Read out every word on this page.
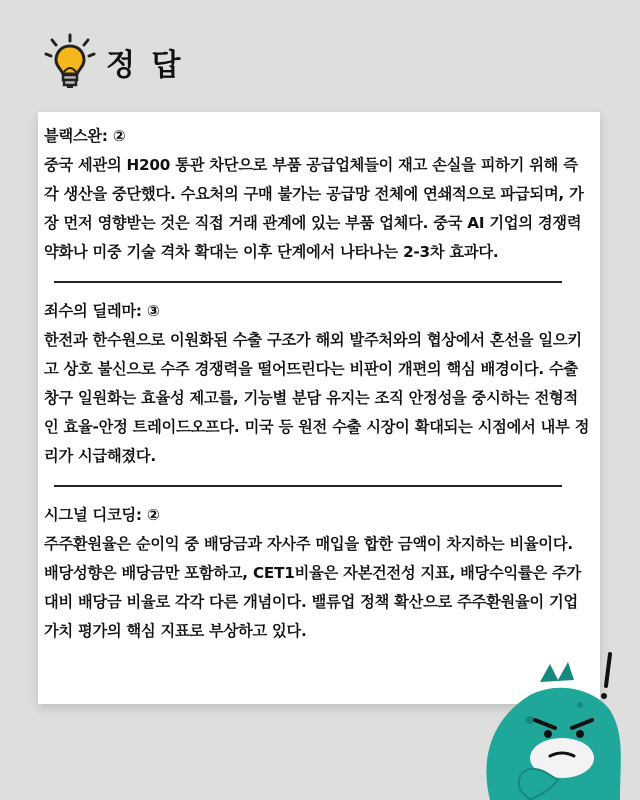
정 답

블랙스완: ②

중국 세관의 H200 통관 차단으로 부품 공급업체들이 재고 손실을 피하기 위해 즉각 생산을 중단했다. 수요처의 구매 불가는 공급망 전체에 연쇄적으로 파급되며, 가장 먼저 영향받는 것은 직접 거래 관계에 있는 부품 업체다. 중국 AI 기업의 경쟁력 약화나 미중 기술 격차 확대는 이후 단계에서 나타나는 2-3차 효과다.

죄수의 딜레마: ③

한전과 한수원으로 이원화된 수출 구조가 해외 발주처와의 협상에서 혼선을 일으키고 상호 불신으로 수주 경쟁력을 떨어뜨린다는 비판이 개편의 핵심 배경이다. 수출 창구 일원화는 효율성 제고를, 기능별 분담 유지는 조직 안정성을 중시하는 전형적인 효율-안정 트레이드오프다. 미국 등 원전 수출 시장이 확대되는 시점에서 내부 정리가 시급해졌다.

시그널 디코딩: ②

주주환원율은 순이익 중 배당금과 자사주 매입을 합한 금액이 차지하는 비율이다. 배당성향은 배당금만 포함하고, CET1비율은 자본건전성 지표, 배당수익률은 주가 대비 배당금 비율로 각각 다른 개념이다. 밸류업 정책 확산으로 주주환원율이 기업가치 평가의 핵심 지표로 부상하고 있다.
